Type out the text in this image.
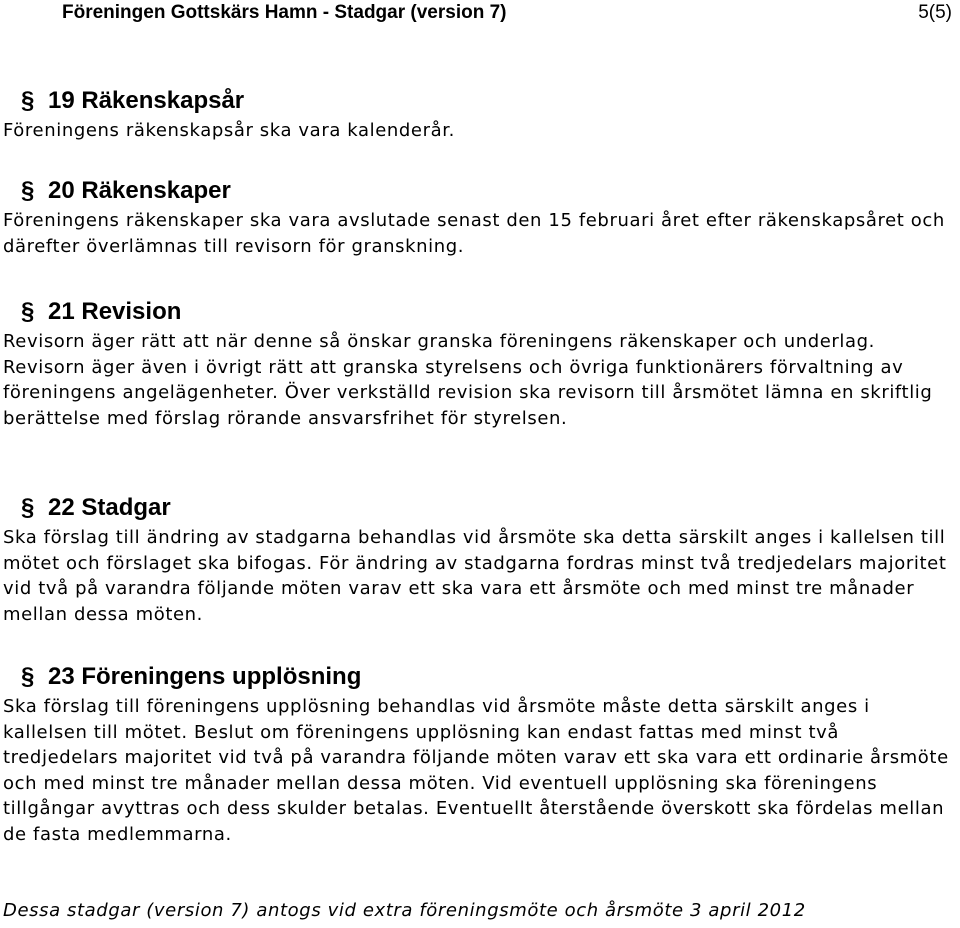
Föreningen Gottskärs Hamn - Stadgar (version 7)	5(5)
§ 19 Räkenskapsår

Föreningens räkenskapsår ska vara kalenderår.

§ 20 Räkenskaper

Föreningens räkenskaper ska vara avslutade senast den 15 februari året efter räkenskapsåret och därefter överlämnas till revisorn för granskning.

§ 21 Revision

Revisorn äger rätt att när denne så önskar granska föreningens räkenskaper och underlag. Revisorn äger även i övrigt rätt att granska styrelsens och övriga funktionärers förvaltning av föreningens angelägenheter. Över verkställd revision ska revisorn till årsmötet lämna en skriftlig berättelse med förslag rörande ansvarsfrihet för styrelsen.

§ 22 Stadgar

Ska förslag till ändring av stadgarna behandlas vid årsmöte ska detta särskilt anges i kallelsen till mötet och förslaget ska bifogas. För ändring av stadgarna fordras minst två tredjedelars majoritet vid två på varandra följande möten varav ett ska vara ett årsmöte och med minst tre månader mellan dessa möten.

§ 23 Föreningens upplösning

Ska förslag till föreningens upplösning behandlas vid årsmöte måste detta särskilt anges i kallelsen till mötet. Beslut om föreningens upplösning kan endast fattas med minst två tredjedelars majoritet vid två på varandra följande möten varav ett ska vara ett ordinarie årsmöte och med minst tre månader mellan dessa möten. Vid eventuell upplösning ska föreningens tillgångar avyttras och dess skulder betalas. Eventuellt återstående överskott ska fördelas mellan de fasta medlemmarna.

Dessa stadgar (version 7) antogs vid extra föreningsmöte och årsmöte 3 april 2012
